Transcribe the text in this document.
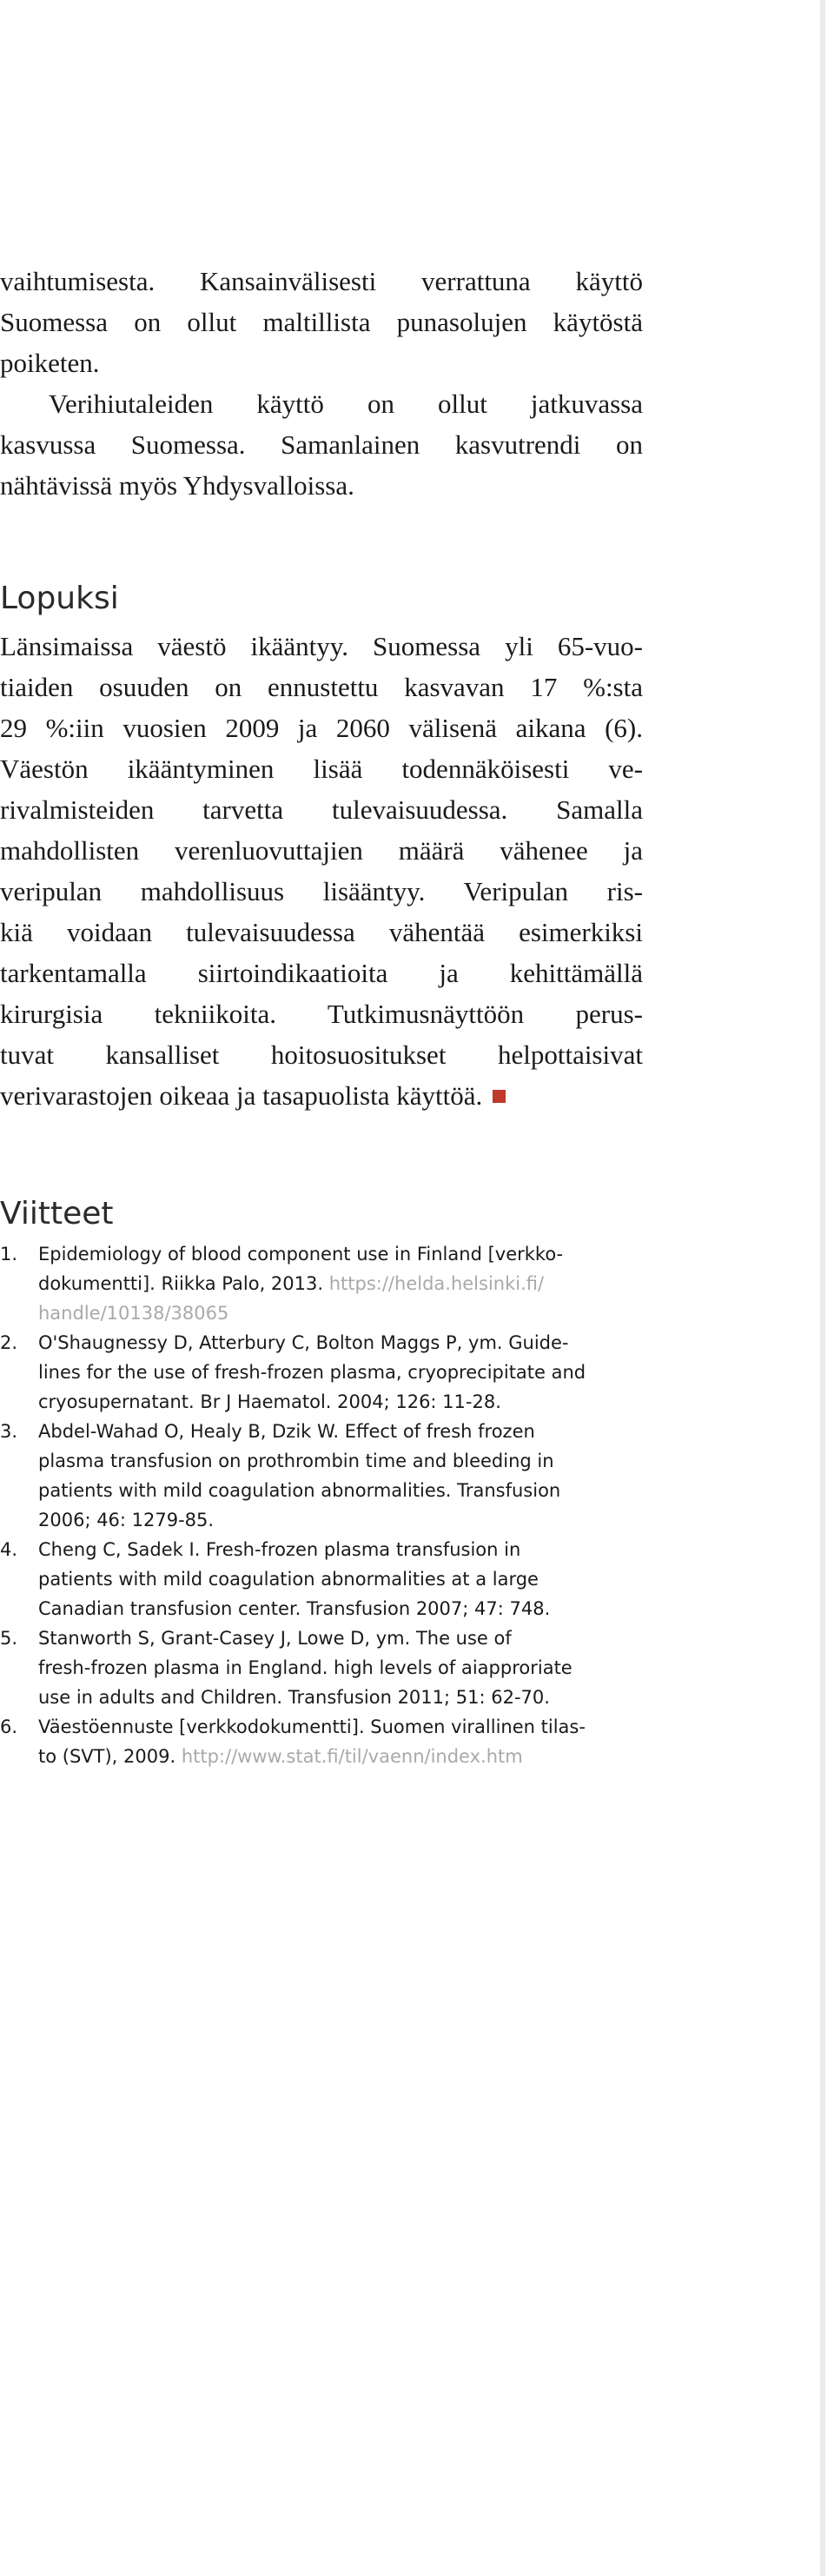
vaihtumisesta. Kansainvälisesti verrattuna käyttö
Suomessa on ollut maltillista punasolujen käytöstä
poiketen.
Verihiutaleiden käyttö on ollut jatkuvassa
kasvussa Suomessa. Samanlainen kasvutrendi on
nähtävissä myös Yhdysvalloissa.
Lopuksi
Länsimaissa väestö ikääntyy. Suomessa yli 65-vuo-
tiaiden osuuden on ennustettu kasvavan 17 %:sta
29 %:iin vuosien 2009 ja 2060 välisenä aikana (6).
Väestön ikääntyminen lisää todennäköisesti ve-
rivalmisteiden tarvetta tulevaisuudessa. Samalla
mahdollisten verenluovuttajien määrä vähenee ja
veripulan mahdollisuus lisääntyy. Veripulan ris-
kiä voidaan tulevaisuudessa vähentää esimerkiksi
tarkentamalla siirtoindikaatioita ja kehittämällä
kirurgisia tekniikoita. Tutkimusnäyttöön perus-
tuvat kansalliset hoitosuositukset helpottaisivat
verivarastojen oikeaa ja tasapuolista käyttöä.
Viitteet
1.	Epidemiology of blood component use in Finland [verkko-
dokumentti]. Riikka Palo, 2013. https://helda.helsinki.fi/
handle/10138/38065
2.	O'Shaugnessy D, Atterbury C, Bolton Maggs P, ym. Guide-
lines for the use of fresh-frozen plasma, cryoprecipitate and
cryosupernatant. Br J Haematol. 2004; 126: 11-28.
3.	Abdel-Wahad O, Healy B, Dzik W. Effect of fresh frozen
plasma transfusion on prothrombin time and bleeding in
patients with mild coagulation abnormalities. Transfusion
2006; 46: 1279-85.
4.	Cheng C, Sadek I. Fresh-frozen plasma transfusion in
patients with mild coagulation abnormalities at a large
Canadian transfusion center. Transfusion 2007; 47: 748.
5.	Stanworth S, Grant-Casey J, Lowe D, ym. The use of
fresh-frozen plasma in England. high levels of aiapproriate
use in adults and Children. Transfusion 2011; 51: 62-70.
6.	Väestöennuste [verkkodokumentti]. Suomen virallinen tilas-
to (SVT), 2009. http://www.stat.fi/til/vaenn/index.htm
